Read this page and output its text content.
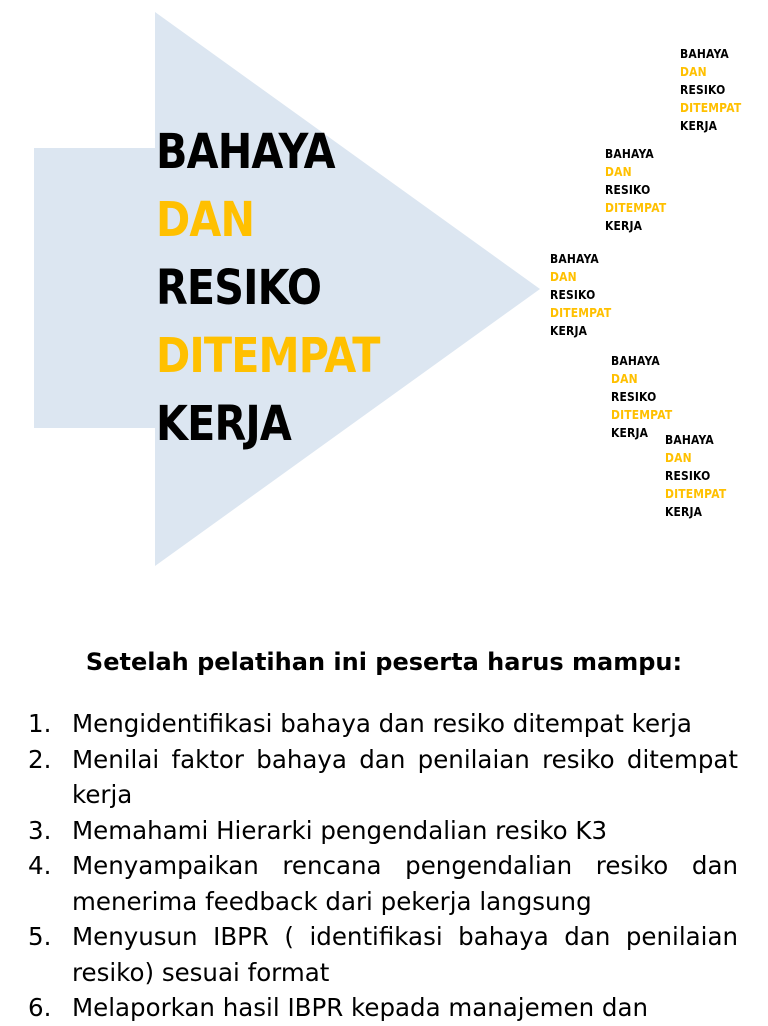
BAHAYA
DAN
RESIKO
DITEMPAT
KERJA
BAHAYA
DAN
RESIKO
DITEMPAT
KERJA
BAHAYA
DAN
RESIKO
DITEMPAT
KERJA
BAHAYA
DAN
RESIKO
DITEMPAT
KERJA
BAHAYA
DAN
RESIKO
DITEMPAT
KERJA	BAHAYA
DAN
RESIKO
DITEMPAT
KERJA
Setelah pelatihan ini peserta harus mampu:
1. Mengidentifikasi bahaya dan resiko ditempat kerja
2. Menilai faktor bahaya dan penilaian resiko ditempat kerja
3. Memahami Hierarki pengendalian resiko K3
4. Menyampaikan rencana pengendalian resiko dan menerima feedback dari pekerja langsung
5. Menyusun IBPR ( identifikasi bahaya dan penilaian resiko) sesuai format
6. Melaporkan hasil IBPR kepada manajemen dan
